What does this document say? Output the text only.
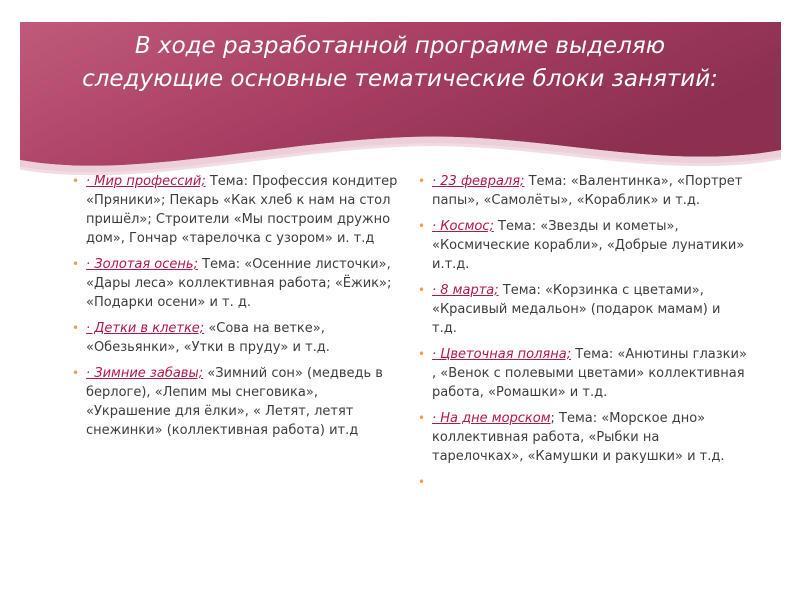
В ходе разработанной программе выделяю следующие основные тематические блоки занятий:
• · Мир профессий; Тема: Профессия кондитер «Пряники»; Пекарь «Как хлеб к нам на стол пришёл»; Строители «Мы построим дружно дом», Гончар «тарелочка с узором» и. т.д
• · Золотая осень; Тема: «Осенние листочки», «Дары леса» коллективная работа; «Ёжик»; «Подарки осени» и т. д.
• · Детки в клетке; «Сова на ветке», «Обезьянки», «Утки в пруду» и т.д.
• · Зимние забавы; «Зимний сон» (медведь в берлоге), «Лепим мы снеговика», «Украшение для ёлки», « Летят, летят снежинки» (коллективная работа) ит.д
• · 23 февраля; Тема: «Валентинка», «Портрет папы», «Самолёты», «Кораблик» и т.д.
• · Космос; Тема: «Звезды и кометы», «Космические корабли», «Добрые лунатики» и.т.д.
• · 8 марта; Тема: «Корзинка с цветами», «Красивый медальон» (подарок мамам) и т.д.
• · Цветочная поляна; Тема: «Анютины глазки» , «Венок с полевыми цветами» коллективная работа, «Ромашки» и т.д.
• · На дне морском; Тема: «Морское дно» коллективная работа, «Рыбки на тарелочках», «Камушки и ракушки» и т.д.
•
